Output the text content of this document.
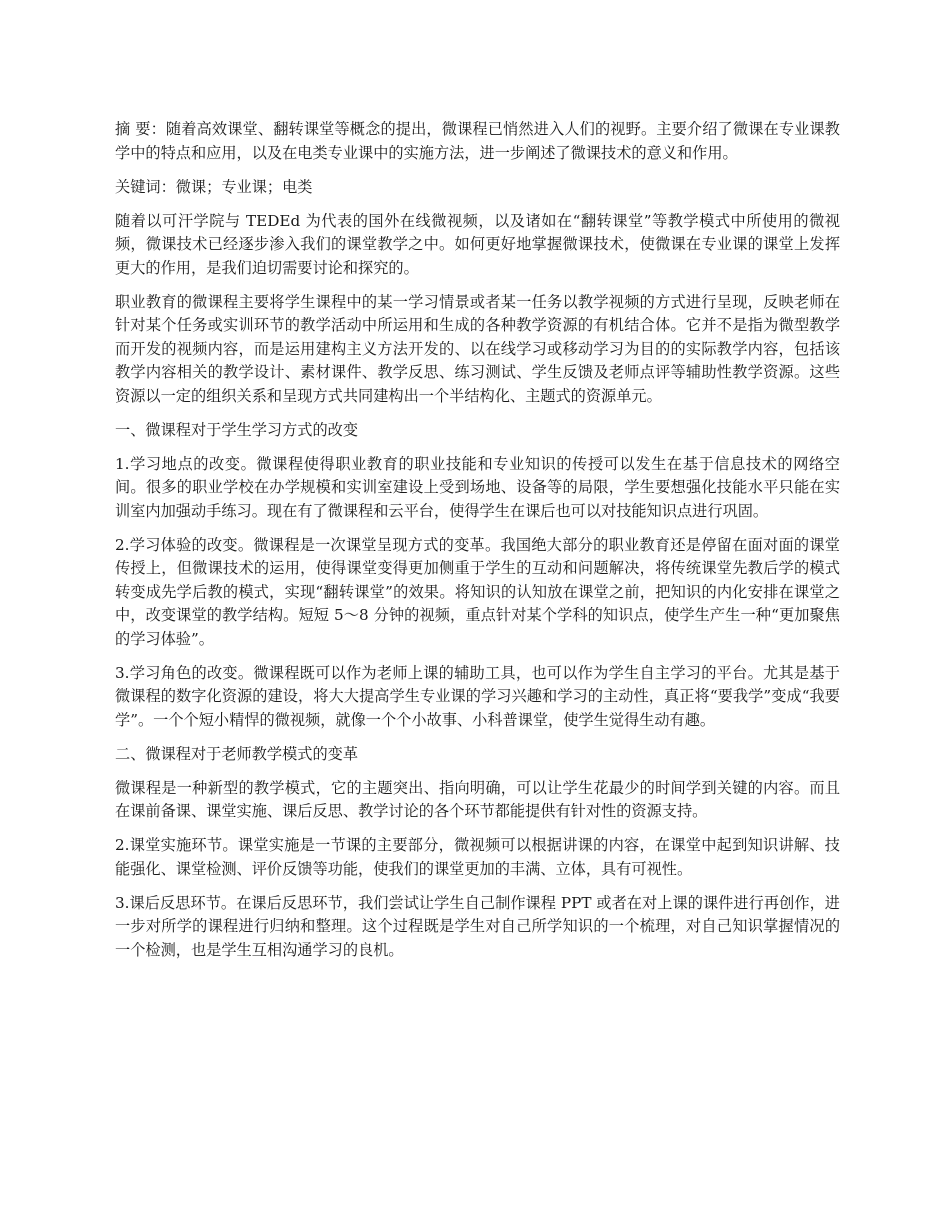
摘 要：随着高效课堂、翻转课堂等概念的提出，微课程已悄然进入人们的视野。主要介绍了微课在专业课教学中的特点和应用，以及在电类专业课中的实施方法，进一步阐述了微课技术的意义和作用。

关键词：微课；专业课；电类

随着以可汗学院与 TEDEd 为代表的国外在线微视频，以及诸如在“翻转课堂”等教学模式中所使用的微视频，微课技术已经逐步渗入我们的课堂教学之中。如何更好地掌握微课技术，使微课在专业课的课堂上发挥更大的作用，是我们迫切需要讨论和探究的。

职业教育的微课程主要将学生课程中的某一学习情景或者某一任务以教学视频的方式进行呈现，反映老师在针对某个任务或实训环节的教学活动中所运用和生成的各种教学资源的有机结合体。它并不是指为微型教学而开发的视频内容，而是运用建构主义方法开发的、以在线学习或移动学习为目的的实际教学内容，包括该教学内容相关的教学设计、素材课件、教学反思、练习测试、学生反馈及老师点评等辅助性教学资源。这些资源以一定的组织关系和呈现方式共同建构出一个半结构化、主题式的资源单元。

一、微课程对于学生学习方式的改变

1.学习地点的改变。微课程使得职业教育的职业技能和专业知识的传授可以发生在基于信息技术的网络空间。很多的职业学校在办学规模和实训室建设上受到场地、设备等的局限，学生要想强化技能水平只能在实训室内加强动手练习。现在有了微课程和云平台，使得学生在课后也可以对技能知识点进行巩固。

2.学习体验的改变。微课程是一次课堂呈现方式的变革。我国绝大部分的职业教育还是停留在面对面的课堂传授上，但微课技术的运用，使得课堂变得更加侧重于学生的互动和问题解决，将传统课堂先教后学的模式转变成先学后教的模式，实现“翻转课堂”的效果。将知识的认知放在课堂之前，把知识的内化安排在课堂之中，改变课堂的教学结构。短短 5～8 分钟的视频，重点针对某个学科的知识点，使学生产生一种“更加聚焦的学习体验”。

3.学习角色的改变。微课程既可以作为老师上课的辅助工具，也可以作为学生自主学习的平台。尤其是基于微课程的数字化资源的建设，将大大提高学生专业课的学习兴趣和学习的主动性，真正将“要我学”变成“我要学”。一个个短小精悍的微视频，就像一个个小故事、小科普课堂，使学生觉得生动有趣。

二、微课程对于老师教学模式的变革

微课程是一种新型的教学模式，它的主题突出、指向明确，可以让学生花最少的时间学到关键的内容。而且在课前备课、课堂实施、课后反思、教学讨论的各个环节都能提供有针对性的资源支持。

2.课堂实施环节。课堂实施是一节课的主要部分，微视频可以根据讲课的内容，在课堂中起到知识讲解、技能强化、课堂检测、评价反馈等功能，使我们的课堂更加的丰满、立体，具有可视性。

3.课后反思环节。在课后反思环节，我们尝试让学生自己制作课程 PPT 或者在对上课的课件进行再创作，进一步对所学的课程进行归纳和整理。这个过程既是学生对自己所学知识的一个梳理，对自己知识掌握情况的一个检测，也是学生互相沟通学习的良机。
